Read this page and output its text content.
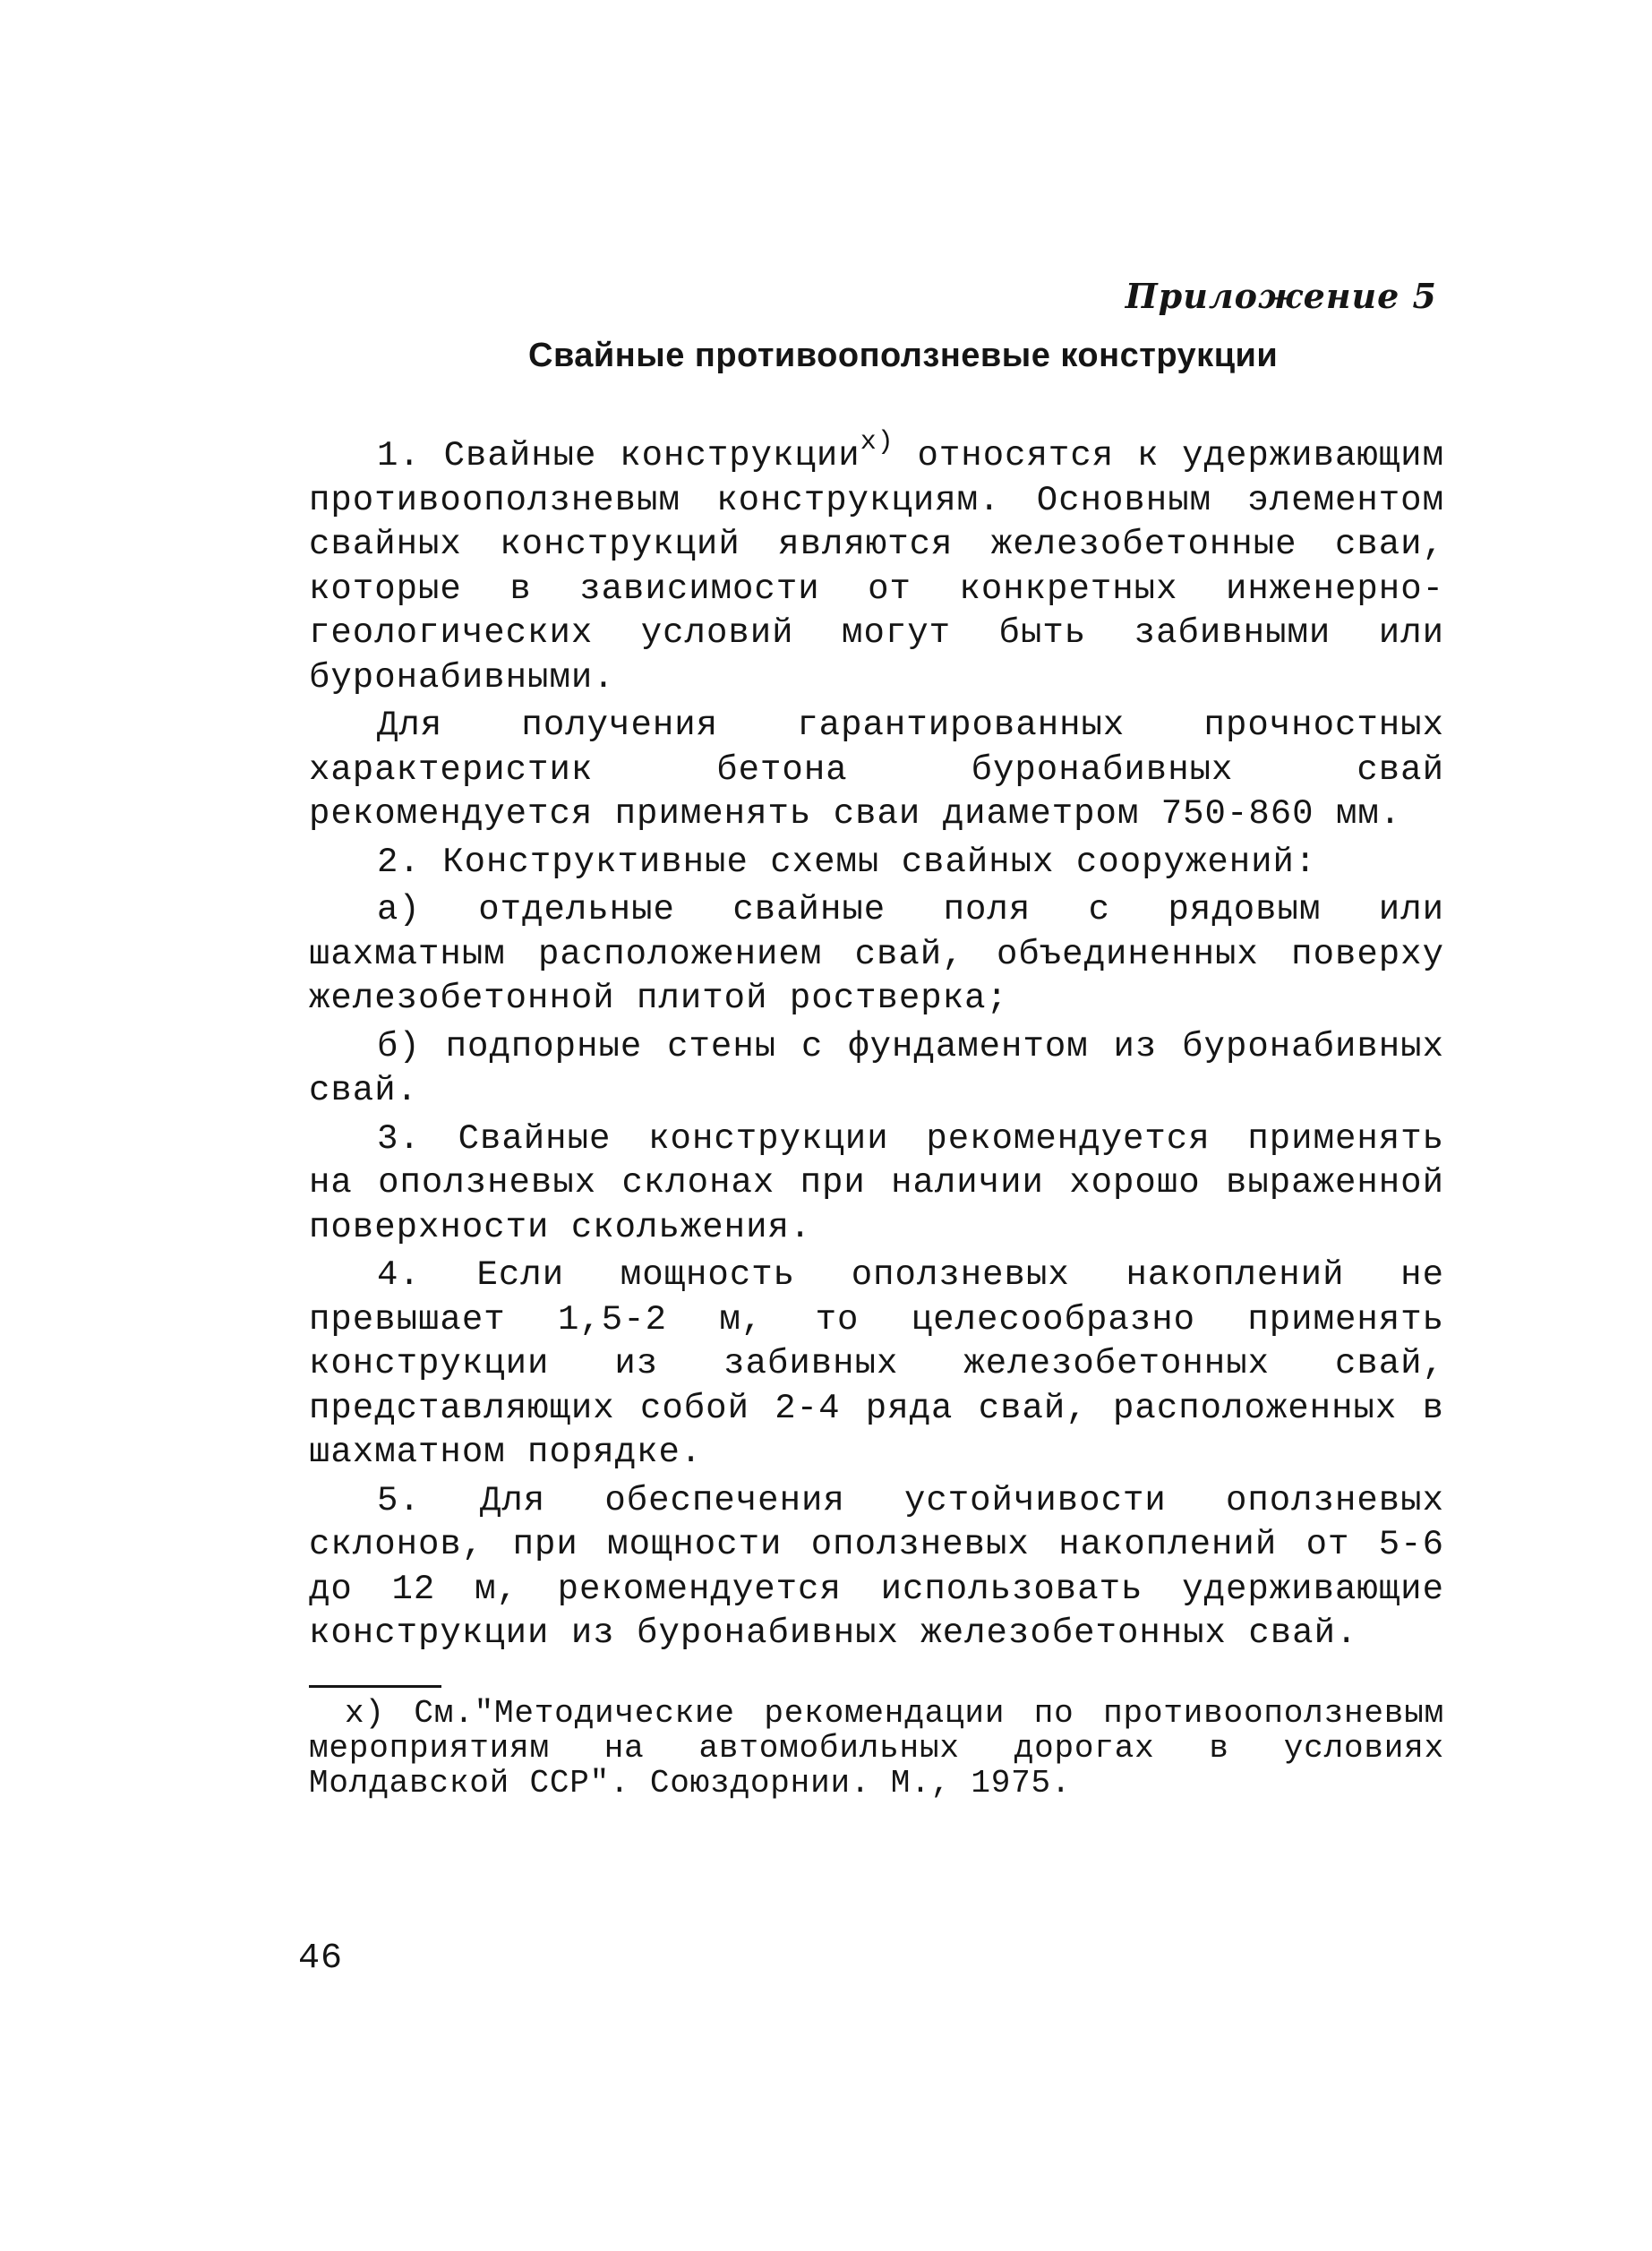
Приложение 5
Свайные противооползневые конструкции

1. Свайные конструкции$^{х)}$ относятся к удерживающим противооползневым конструкциям. Основным элементом свайных конструкций являются железобетонные сваи, которые в зависимости от конкретных инженерно-геологических условий могут быть забивными или буронабивными.

Для получения гарантированных прочностных характеристик бетона буронабивных свай рекомендуется применять сваи диаметром 750-860 мм.

2. Конструктивные схемы свайных сооружений:

а) отдельные свайные поля с рядовым или шахматным расположением свай, объединенных поверху железобетонной плитой ростверка;

б) подпорные стены с фундаментом из буронабивных свай.

3. Свайные конструкции рекомендуется применять на оползневых склонах при наличии хорошо выраженной поверхности скольжения.

4. Если мощность оползневых накоплений не превышает 1,5-2 м, то целесообразно применять конструкции из забивных железобетонных свай, представляющих собой 2-4 ряда свай, расположенных в шахматном порядке.

5. Для обеспечения устойчивости оползневых склонов, при мощности оползневых накоплений от 5-6 до 12 м, рекомендуется использовать удерживающие конструкции из буронабивных железобетонных свай.

х) См."Методические рекомендации по противооползневым мероприятиям на автомобильных дорогах в условиях Молдавской ССР". Союздорнии. М., 1975.

46
